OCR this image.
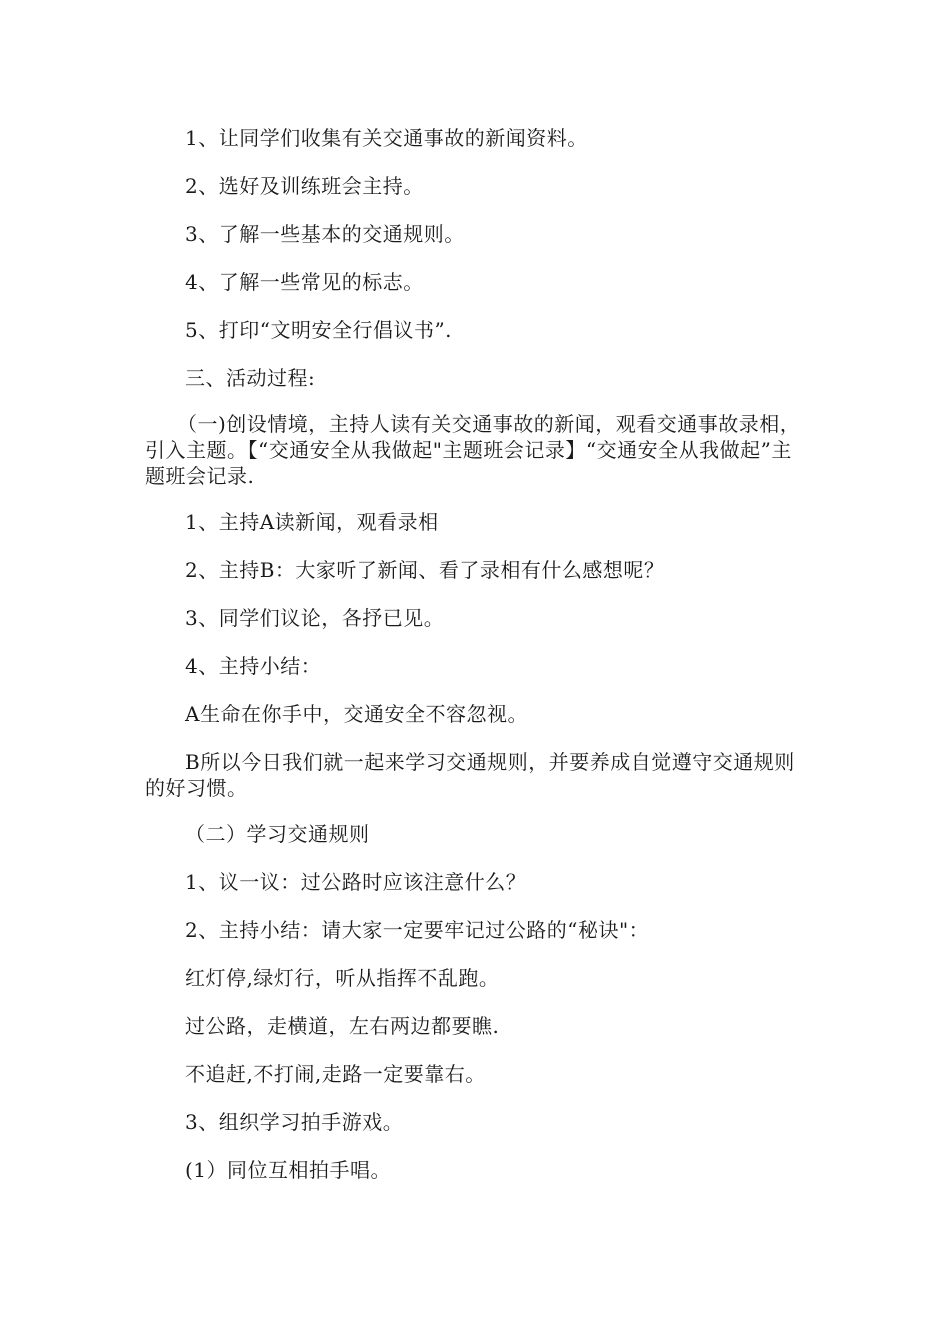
1、让同学们收集有关交通事故的新闻资料。

2、选好及训练班会主持。

3、了解一些基本的交通规则。

4、了解一些常见的标志。

5、打印“文明安全行倡议书”.

三、活动过程:

（一)创设情境，主持人读有关交通事故的新闻，观看交通事故录相，引入主题。【“交通安全从我做起"主题班会记录】“交通安全从我做起”主题班会记录.

1、主持A读新闻，观看录相

2、主持B：大家听了新闻、看了录相有什么感想呢？

3、同学们议论，各抒已见。

4、主持小结：

A生命在你手中，交通安全不容忽视。

B所以今日我们就一起来学习交通规则，并要养成自觉遵守交通规则的好习惯。

（二）学习交通规则

1、议一议：过公路时应该注意什么？

2、主持小结：请大家一定要牢记过公路的“秘诀"：

红灯停,绿灯行，听从指挥不乱跑。

过公路，走横道，左右两边都要瞧.

不追赶,不打闹,走路一定要靠右。

3、组织学习拍手游戏。

(1）同位互相拍手唱。
